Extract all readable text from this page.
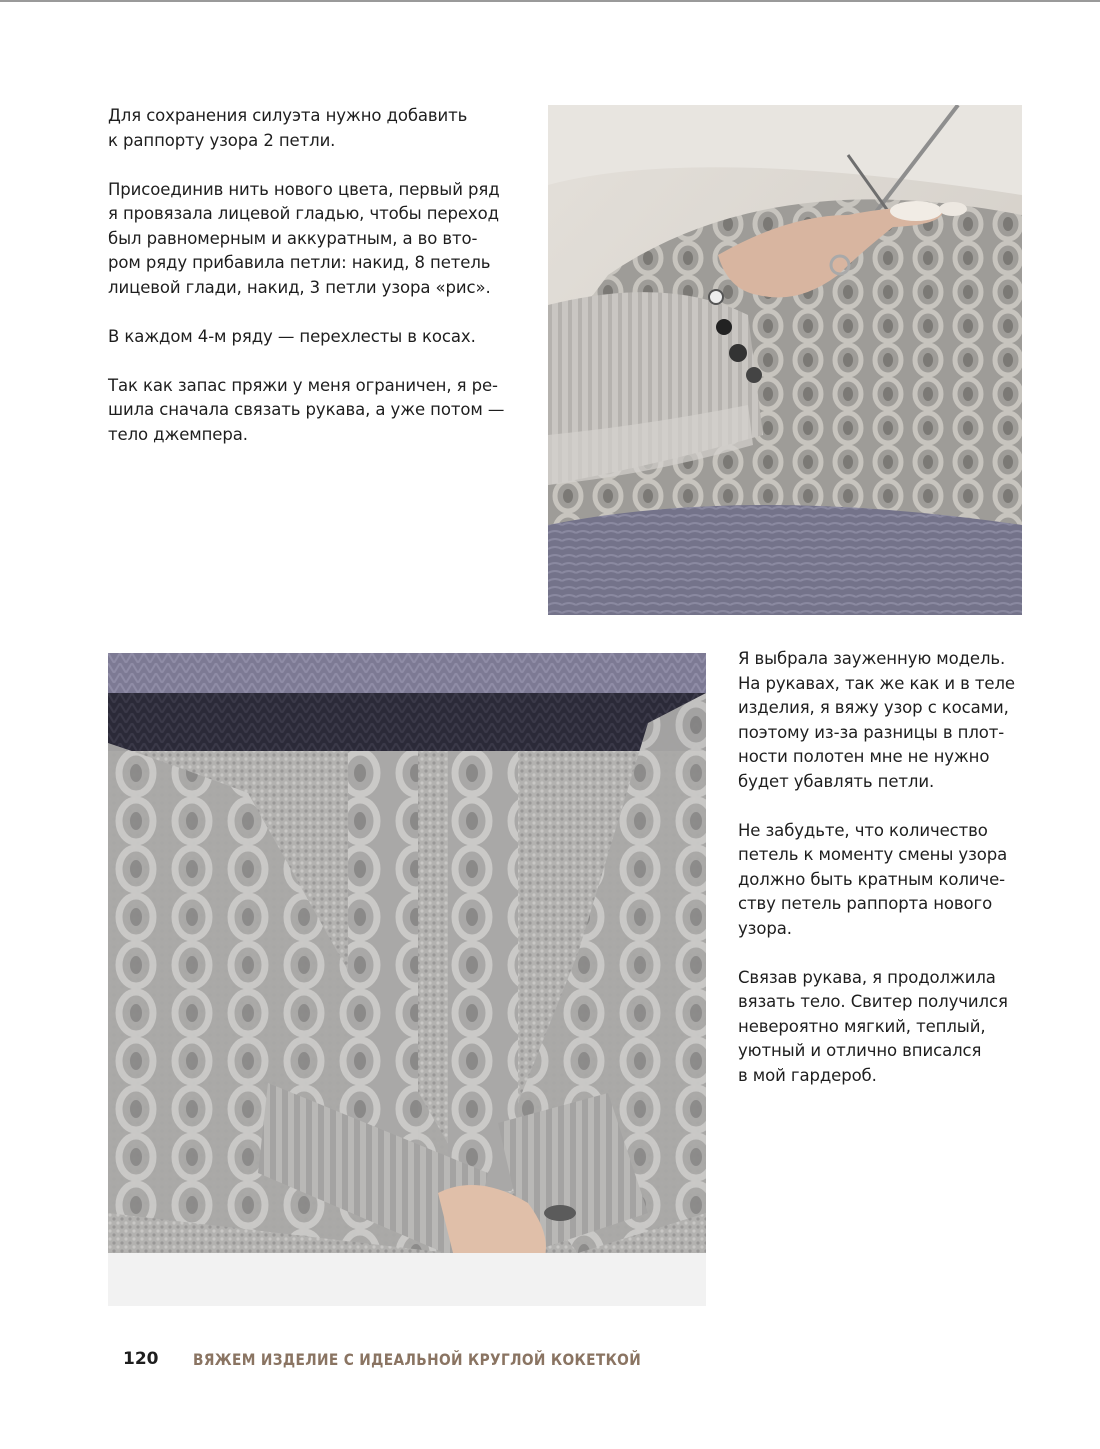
Для сохранения силуэта нужно добавить
к раппорту узора 2 петли.

Присоединив нить нового цвета, первый ряд
я провязала лицевой гладью, чтобы переход
был равномерным и аккуратным, а во вто-
ром ряду прибавила петли: накид, 8 петель
лицевой глади, накид, 3 петли узора «рис».

В каждом 4-м ряду — перехлесты в косах.

Так как запас пряжи у меня ограничен, я ре-
шила сначала связать рукава, а уже потом —
тело джемпера.

Я выбрала зауженную модель.
На рукавах, так же как и в теле
изделия, я вяжу узор с косами,
поэтому из-за разницы в плот-
ности полотен мне не нужно
будет убавлять петли.

Не забудьте, что количество
петель к моменту смены узора
должно быть кратным количе-
ству петель раппорта нового
узора.

Связав рукава, я продолжила
вязать тело. Свитер получился
невероятно мягкий, теплый,
уютный и отлично вписался
в мой гардероб.

120 ВЯЖЕМ ИЗДЕЛИЕ С ИДЕАЛЬНОЙ КРУГЛОЙ КОКЕТКОЙ
